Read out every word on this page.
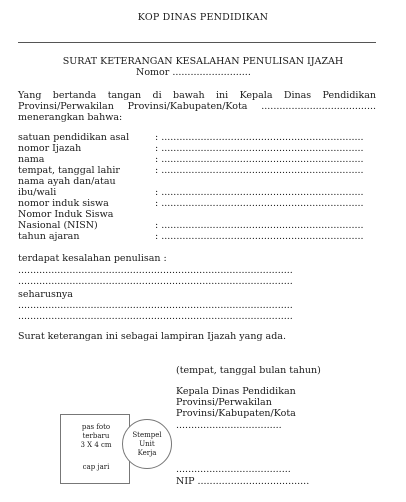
KOP DINAS PENDIDIKAN
SURAT KETERANGAN KESALAHAN PENULISAN IJAZAH
Nomor ..........................
Yang bertanda tangan di bawah ini Kepala Dinas Pendidikan
Provinsi/Perwakilan Provinsi/Kabupaten/Kota ......................................
menerangkan bahwa:
satuan pendidikan asal	: ...................................................................
nomor Ijazah	: ...................................................................
nama	: ...................................................................
tempat, tanggal lahir	: ...................................................................
nama ayah dan/atau
ibu/wali	: ...................................................................
nomor induk siswa	: ...................................................................
Nomor Induk Siswa
Nasional (NISN)	: ...................................................................
tahun ajaran	: ...................................................................
terdapat kesalahan penulisan :
...........................................................................................
...........................................................................................
seharusnya
...........................................................................................
...........................................................................................
Surat keterangan ini sebagai lampiran Ijazah yang ada.
(tempat, tanggal bulan tahun)
Kepala Dinas Pendidikan
Provinsi/Perwakilan
Provinsi/Kabupaten/Kota
...................................
......................................
NIP .....................................
pas foto
terbaru
3 X 4 cm
cap jari
Stempel
Unit
Kerja
